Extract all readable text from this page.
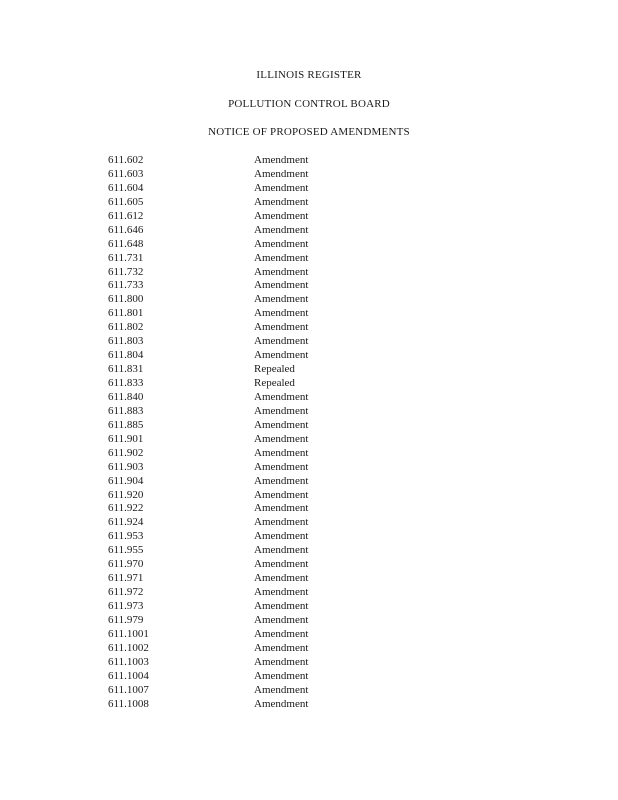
ILLINOIS REGISTER
POLLUTION CONTROL BOARD
NOTICE OF PROPOSED AMENDMENTS
611.602	Amendment
611.603	Amendment
611.604	Amendment
611.605	Amendment
611.612	Amendment
611.646	Amendment
611.648	Amendment
611.731	Amendment
611.732	Amendment
611.733	Amendment
611.800	Amendment
611.801	Amendment
611.802	Amendment
611.803	Amendment
611.804	Amendment
611.831	Repealed
611.833	Repealed
611.840	Amendment
611.883	Amendment
611.885	Amendment
611.901	Amendment
611.902	Amendment
611.903	Amendment
611.904	Amendment
611.920	Amendment
611.922	Amendment
611.924	Amendment
611.953	Amendment
611.955	Amendment
611.970	Amendment
611.971	Amendment
611.972	Amendment
611.973	Amendment
611.979	Amendment
611.1001	Amendment
611.1002	Amendment
611.1003	Amendment
611.1004	Amendment
611.1007	Amendment
611.1008	Amendment
